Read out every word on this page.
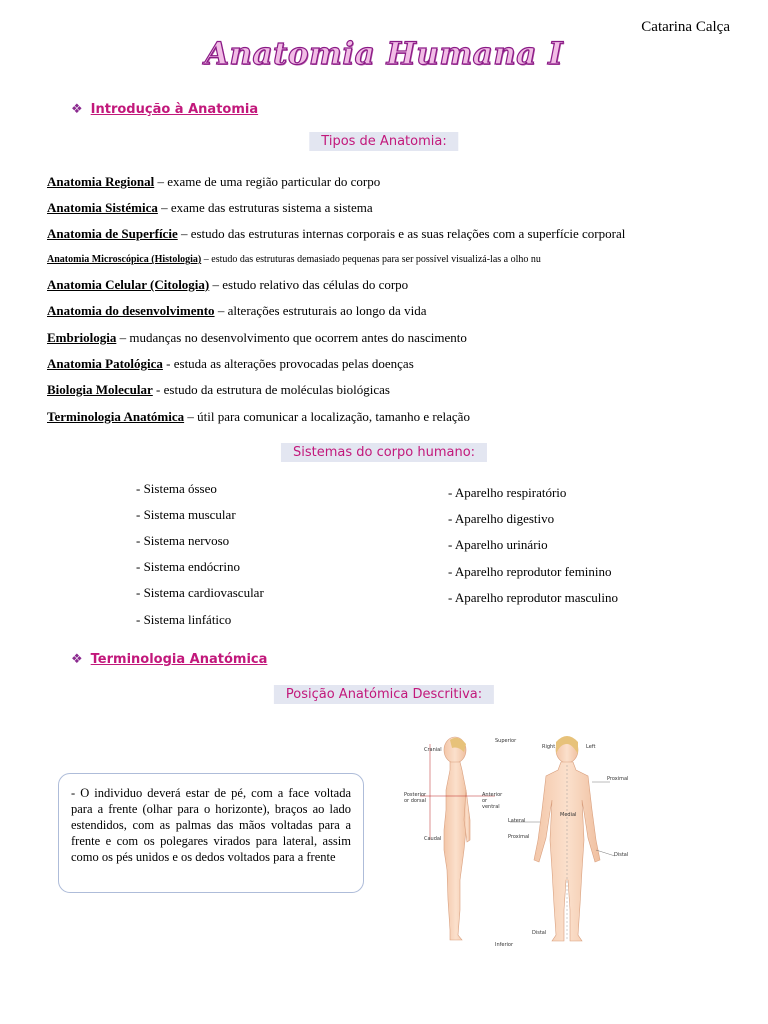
Catarina Calça
Anatomia Humana I
❖ Introdução à Anatomia
Tipos de Anatomia:
Anatomia Regional – exame de uma região particular do corpo
Anatomia Sistémica – exame das estruturas sistema a sistema
Anatomia de Superfície – estudo das estruturas internas corporais e as suas relações com a superfície corporal
Anatomia Microscópica (Histologia) – estudo das estruturas demasiado pequenas para ser possível visualizá-las a olho nu
Anatomia Celular (Citologia) – estudo relativo das células do corpo
Anatomia do desenvolvimento – alterações estruturais ao longo da vida
Embriologia – mudanças no desenvolvimento que ocorrem antes do nascimento
Anatomia Patológica - estuda as alterações provocadas pelas doenças
Biologia Molecular - estudo da estrutura de moléculas biológicas
Terminologia Anatómica – útil para comunicar a localização, tamanho e relação
Sistemas do corpo humano:
- Sistema ósseo
- Sistema muscular
- Sistema nervoso
- Sistema endócrino
- Sistema cardiovascular
- Sistema linfático
- Aparelho respiratório
- Aparelho digestivo
- Aparelho urinário
- Aparelho reprodutor feminino
- Aparelho reprodutor masculino
❖ Terminologia Anatómica
Posição Anatómica Descritiva:
- O individuo deverá estar de pé, com a face voltada para a frente (olhar para o horizonte), braços ao lado estendidos, com as palmas das mãos voltadas para a frente e com os polegares virados para lateral, assim como os pés unidos e os dedos voltados para a frente
Superior
Inferior
Cranial
Caudal
Posterior or dorsal
Anterior or ventral
Right	Left
Proximal
Medial
Lateral
Proximal
Distal
Distal
